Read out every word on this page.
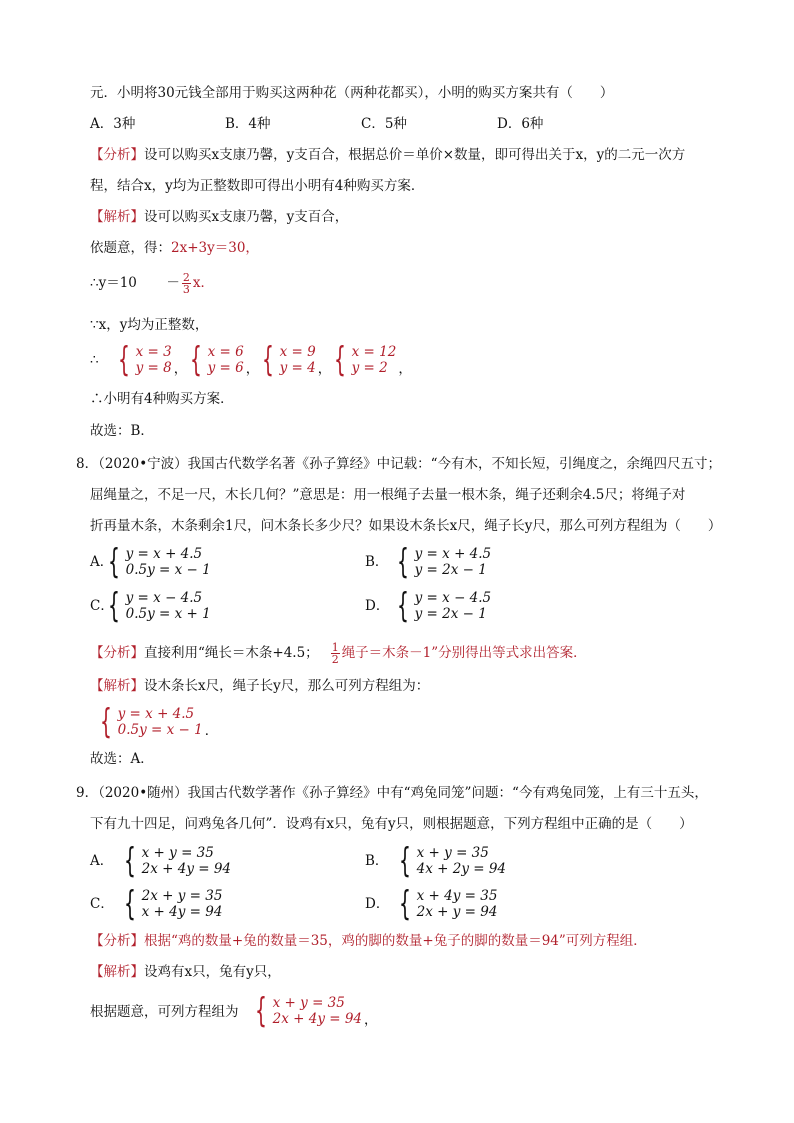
元．小明将30元钱全部用于购买这两种花（两种花都买），小明的购买方案共有（　　）
A．3种	B．4种	C．5种	D．6种
【分析】设可以购买x支康乃馨，y支百合，根据总价＝单价×数量，即可得出关于x，y的二元一次方
程，结合x，y均为正整数即可得出小明有4种购买方案．
【解析】设可以购买x支康乃馨，y支百合，
依题意，得：2x+3y＝30，
∴y＝10　 － $\frac{2}{3}$ x．
∵x，y均为正整数，
∴ { x = 3
y = 8 ， { x = 6
y = 6 ， { x = 9
y = 4 ， { x = 12
y = 2 ，
∴小明有4种购买方案．
故选：B．
8．（2020•宁波）我国古代数学名著《孙子算经》中记载：“今有木，不知长短，引绳度之，余绳四尺五寸；
屈绳量之，不足一尺，木长几何？”意思是：用一根绳子去量一根木条，绳子还剩余4.5尺；将绳子对
折再量木条，木条剩余1尺，问木条长多少尺？如果设木条长x尺，绳子长y尺，那么可列方程组为（　　）
A．
{ y = x + 4.5
0.5y = x − 1	B． { y = x + 4.5
y = 2x − 1
C．
{ y = x − 4.5
0.5y = x + 1	D． { y = x − 4.5
y = 2x − 1
【分析】 直接利用“绳长＝木条+4.5； $\frac{1}{2}$ 绳子＝木条－1”分别得出等式求出答案．
【解析】设木条长x尺，绳子长y尺，那么可列方程组为：
{ y = x + 4.5
0.5y = x − 1 ．
故选：A．
9．（2020•随州）我国古代数学著作《孙子算经》中有“鸡兔同笼”问题：“今有鸡兔同笼，上有三十五头，
下有九十四足，问鸡兔各几何”．设鸡有x只，兔有y只，则根据题意，下列方程组中正确的是（　　）
A． { x + y = 35
2x + 4y = 94	B． { x + y = 35
4x + 2y = 94
C． { 2x + y = 35
x + 4y = 94	D． { x + 4y = 35
2x + y = 94
【分析】根据“鸡的数量+兔的数量＝35，鸡的脚的数量+兔子的脚的数量＝94”可列方程组．
【解析】设鸡有x只，兔有y只，
根据题意，可列方程组为 { x + y = 35
2x + 4y = 94 ，
